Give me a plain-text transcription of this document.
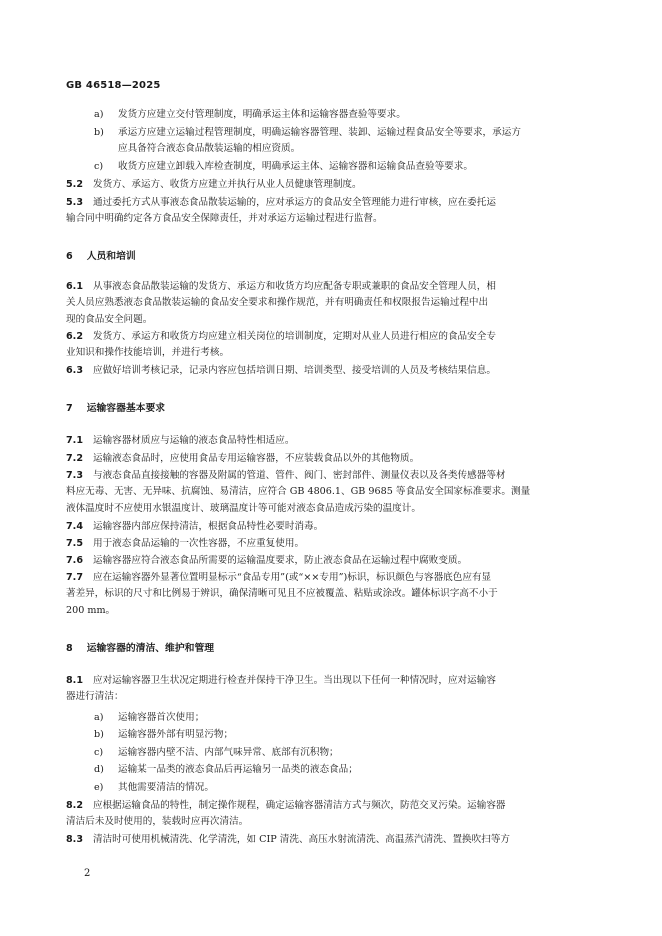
GB 46518—2025
a) 发货方应建立交付管理制度，明确承运主体和运输容器查验等要求。
b) 承运方应建立运输过程管理制度，明确运输容器管理、装卸、运输过程食品安全等要求，承运方
应具备符合液态食品散装运输的相应资质。
c) 收货方应建立卸载入库检查制度，明确承运主体、运输容器和运输食品查验等要求。
5.2 发货方、承运方、收货方应建立并执行从业人员健康管理制度。
5.3 通过委托方式从事液态食品散装运输的，应对承运方的食品安全管理能力进行审核，应在委托运
输合同中明确约定各方食品安全保障责任，并对承运方运输过程进行监督。
6 人员和培训
6.1 从事液态食品散装运输的发货方、承运方和收货方均应配备专职或兼职的食品安全管理人员，相
关人员应熟悉液态食品散装运输的食品安全要求和操作规范，并有明确责任和权限报告运输过程中出
现的食品安全问题。
6.2 发货方、承运方和收货方均应建立相关岗位的培训制度，定期对从业人员进行相应的食品安全专
业知识和操作技能培训，并进行考核。
6.3 应做好培训考核记录，记录内容应包括培训日期、培训类型、接受培训的人员及考核结果信息。
7 运输容器基本要求
7.1 运输容器材质应与运输的液态食品特性相适应。
7.2 运输液态食品时，应使用食品专用运输容器，不应装载食品以外的其他物质。
7.3 与液态食品直接接触的容器及附属的管道、管件、阀门、密封部件、测量仪表以及各类传感器等材
料应无毒、无害、无异味、抗腐蚀、易清洁，应符合 GB 4806.1、GB 9685 等食品安全国家标准要求。测量
液体温度时不应使用水银温度计、玻璃温度计等可能对液态食品造成污染的温度计。
7.4 运输容器内部应保持清洁，根据食品特性必要时消毒。
7.5 用于液态食品运输的一次性容器，不应重复使用。
7.6 运输容器应符合液态食品所需要的运输温度要求，防止液态食品在运输过程中腐败变质。
7.7 应在运输容器外显著位置明显标示“食品专用”(或“××专用”)标识，标识颜色与容器底色应有显
著差异，标识的尺寸和比例易于辨识，确保清晰可见且不应被覆盖、粘贴或涂改。罐体标识字高不小于
200 mm。
8 运输容器的清洁、维护和管理
8.1 应对运输容器卫生状况定期进行检查并保持干净卫生。当出现以下任何一种情况时，应对运输容
器进行清洁：
a) 运输容器首次使用；
b) 运输容器外部有明显污物；
c) 运输容器内壁不洁、内部气味异常、底部有沉积物；
d) 运输某一品类的液态食品后再运输另一品类的液态食品；
e) 其他需要清洁的情况。
8.2 应根据运输食品的特性，制定操作规程，确定运输容器清洁方式与频次，防范交叉污染。运输容器
清洁后未及时使用的，装载时应再次清洁。
8.3 清洁时可使用机械清洗、化学清洗，如 CIP 清洗、高压水射流清洗、高温蒸汽清洗、置换吹扫等方
2
